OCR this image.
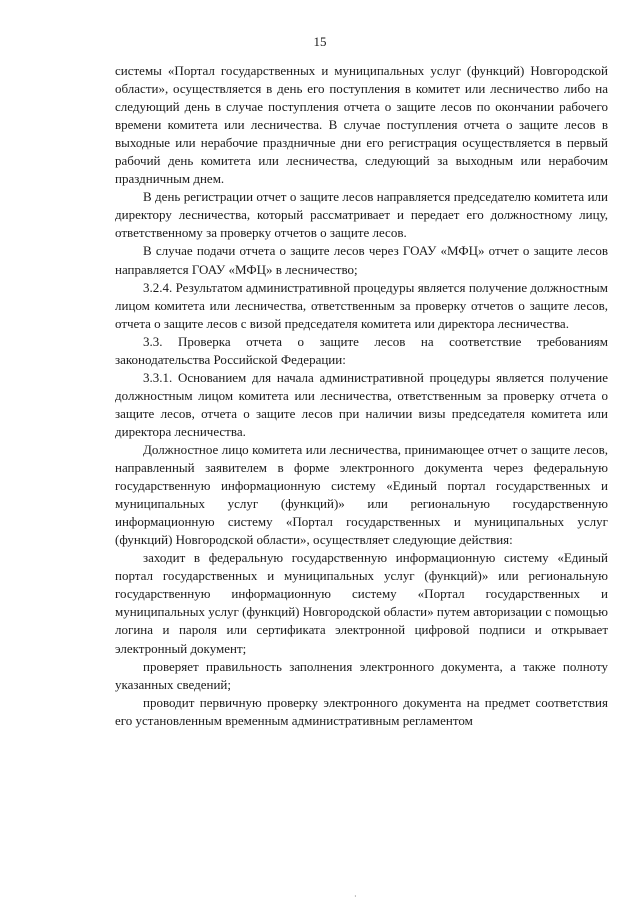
15

системы «Портал государственных и муниципальных услуг (функций) Новгородской области», осуществляется в день его поступления в комитет или лесничество либо на следующий день в случае поступления отчета о защите лесов по окончании рабочего времени комитета или лесничества. В случае поступления отчета о защите лесов в выходные или нерабочие праздничные дни его регистрация осуществляется в первый рабочий день комитета или лесничества, следующий за выходным или нерабочим праздничным днем.

В день регистрации отчет о защите лесов направляется председателю комитета или директору лесничества, который рассматривает и передает его должностному лицу, ответственному за проверку отчетов о защите лесов.

В случае подачи отчета о защите лесов через ГОАУ «МФЦ» отчет о защите лесов направляется ГОАУ «МФЦ» в лесничество;

3.2.4. Результатом административной процедуры является получение должностным лицом комитета или лесничества, ответственным за проверку отчетов о защите лесов, отчета о защите лесов с визой председателя комитета или директора лесничества.

3.3. Проверка отчета о защите лесов на соответствие требованиям законодательства Российской Федерации:

3.3.1. Основанием для начала административной процедуры является получение должностным лицом комитета или лесничества, ответственным за проверку отчета о защите лесов, отчета о защите лесов при наличии визы председателя комитета или директора лесничества.

Должностное лицо комитета или лесничества, принимающее отчет о защите лесов, направленный заявителем в форме электронного документа через федеральную государственную информационную систему «Единый портал государственных и муниципальных услуг (функций)» или региональную государственную информационную систему «Портал государственных и муниципальных услуг (функций) Новгородской области», осуществляет следующие действия:

заходит в федеральную государственную информационную систему «Единый портал государственных и муниципальных услуг (функций)» или региональную государственную информационную систему «Портал государственных и муниципальных услуг (функций) Новгородской области» путем авторизации с помощью логина и пароля или сертификата электронной цифровой подписи и открывает электронный документ;

проверяет правильность заполнения электронного документа, а также полноту указанных сведений;

проводит первичную проверку электронного документа на предмет соответствия его установленным временным административным регламентом

·
